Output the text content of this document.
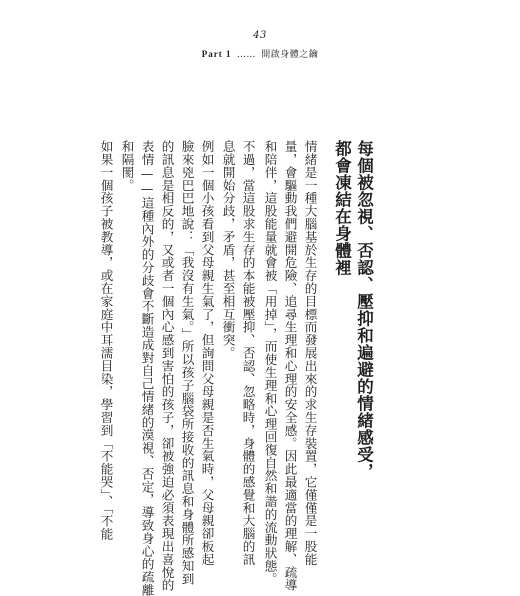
43
Part 1 …… 開啟身體之鑰
每個被忽視、否認、壓抑和遍避的情緒感受，
都會凍結在身體裡
情緒是一種大腦基於生存的目標而發展出來的求生存裝置，它僅僅是一股能
量，會驅動我們避開危險、追尋生理和心理的安全感。因此最適當的理解、疏導
和陪伴，這股能量就會被「用掉」，而使生理和心理回復自然和諧的流動狀態。
不過，當這股求生存的本能被壓抑、否認、忽略時，身體的感覺和大腦的訊
息就開始分歧，矛盾，甚至相互衝突。
例如一個小孩看到父母親生氣了，但詢問父母親是否生氣時，父母親卻板起
臉來兇巴巴地說：「我沒有生氣。」所以孩子腦袋所接收的訊息和身體所感知到
的訊息是相反的，又或者一個內心感到害怕的孩子，卻被強迫必須表現出喜悅的
表情——這種內外的分歧會不斷造成對自己情緒的漠視、否定，導致身心的疏離
和隔閡。
如果一個孩子被教導，或在家庭中耳濡目染，學習到「不能哭」、「不能
